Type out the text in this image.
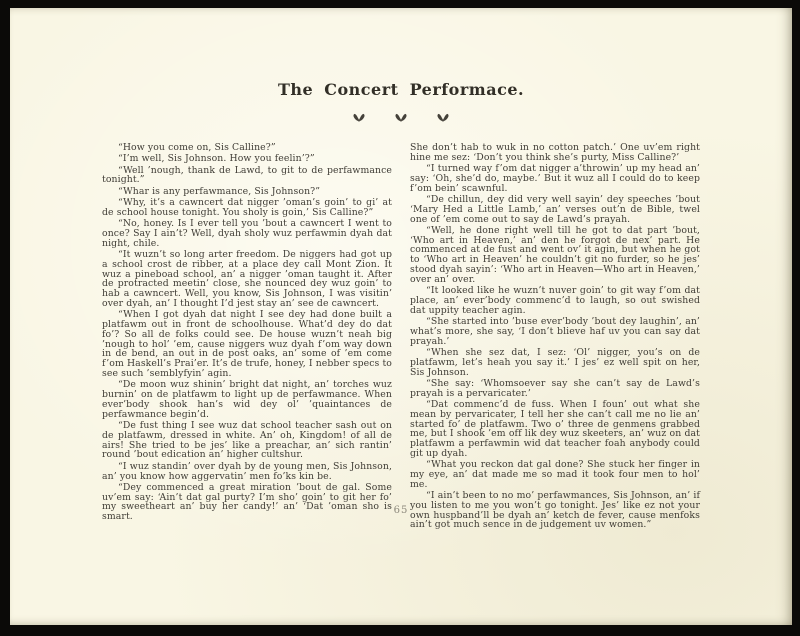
The Concert Performace.

“How you come on, Sis Calline?”

“I’m well, Sis Johnson. How you feelin’?”

“Well ’nough, thank de Lawd, to git to de perfawmance tonight.”

“Whar is any perfawmance, Sis Johnson?”

“Why, it’s a cawncert dat nigger ’oman’s goin’ to gi’ at de school house tonight. You sholy is goin,’ Sis Calline?”

“No, honey. Is I ever tell you ’bout a cawncert I went to once? Say I ain’t? Well, dyah sholy wuz perfawmin dyah dat night, chile.

“It wuzn’t so long arter freedom. De niggers had got up a school crost de ribber, at a place dey call Mont Zion. It wuz a pineboad school, an’ a nigger ’oman taught it. After de protracted meetin’ close, she nounced dey wuz goin’ to hab a cawncert. Well, you know, Sis Johnson, I was visitin’ over dyah, an’ I thought I’d jest stay an’ see de cawncert.

“When I got dyah dat night I see dey had done built a platfawm out in front de schoolhouse. What’d dey do dat fo’? So all de folks could see. De house wuzn’t neah big ’nough to hol’ ’em, cause niggers wuz dyah f’om way down in de bend, an out in de post oaks, an’ some of ’em come f’om Haskell’s Prai’er. It’s de trufe, honey, I nebber specs to see such ’semblyfyin’ agin.

“De moon wuz shinin’ bright dat night, an’ torches wuz burnin’ on de platfawm to light up de perfawmance. When ever’body shook han’s wid dey ol’ ’quaintances de perfawmance begin’d.

“De fust thing I see wuz dat school teacher sash out on de platfawm, dressed in white. An’ oh, Kingdom! of all de airs! She tried to be jes’ like a preachar, an’ sich rantin’ round ’bout edication an’ higher cultshur.

“I wuz standin’ over dyah by de young men, Sis Johnson, an’ you know how aggervatin’ men fo’ks kin be.

“Dey commenced a great miration ’bout de gal. Some uv’em say: ‘Ain’t dat gal purty? I’m sho’ goin’ to git her fo’ my sweetheart an’ buy her candy!’ an’ ‘Dat ’oman sho is smart.

She don’t hab to wuk in no cotton patch.’ One uv’em right hine me sez: ‘Don’t you think she’s purty, Miss Calline?’

“I turned way f’om dat nigger a’throwin’ up my head an’ say: ‘Oh, she’d do, maybe.’ But it wuz all I could do to keep f’om bein’ scawnful.

“De chillun, dey did very well sayin’ dey speeches ’bout ‘Mary Hed a Little Lamb,’ an’ verses out’n de Bible, twel one of ’em come out to say de Lawd’s prayah.

“Well, he done right well till he got to dat part ’bout, ‘Who art in Heaven,’ an’ den he forgot de nex’ part. He commenced at de fust and went ov’ it agin, but when he got to ‘Who art in Heaven’ he couldn’t git no furder, so he jes’ stood dyah sayin’: ‘Who art in Heaven—Who art in Heaven,’ over an’ over.

“It looked like he wuzn’t nuver goin’ to git way f’om dat place, an’ ever’body commenc’d to laugh, so out swished dat uppity teacher agin.

“She started into ’buse ever’body ’bout dey laughin’, an’ what’s more, she say, ‘I don’t blieve haf uv you can say dat prayah.’

“When she sez dat, I sez: ‘Ol’ nigger, you’s on de platfawm, let’s heah you say it.’ I jes’ ez well spit on her, Sis Johnson.

“She say: ‘Whomsoever say she can’t say de Lawd’s prayah is a pervaricater.’

“Dat commenc’d de fuss. When I foun’ out what she mean by pervaricater, I tell her she can’t call me no lie an’ started fo’ de platfawm. Two o’ three de genmens grabbed me, but I shook ’em off lik dey wuz skeeters, an’ wuz on dat platfawm a perfawmin wid dat teacher foah anybody could git up dyah.

“What you reckon dat gal done? She stuck her finger in my eye, an’ dat made me so mad it took four men to hol’ me.

“I ain’t been to no mo’ perfawmances, Sis Johnson, an’ if you listen to me you won’t go tonight. Jes’ like ez not your own huspband’ll be dyah an’ ketch de fever, cause menfoks ain’t got much sence in de judgement uv women.”

65
